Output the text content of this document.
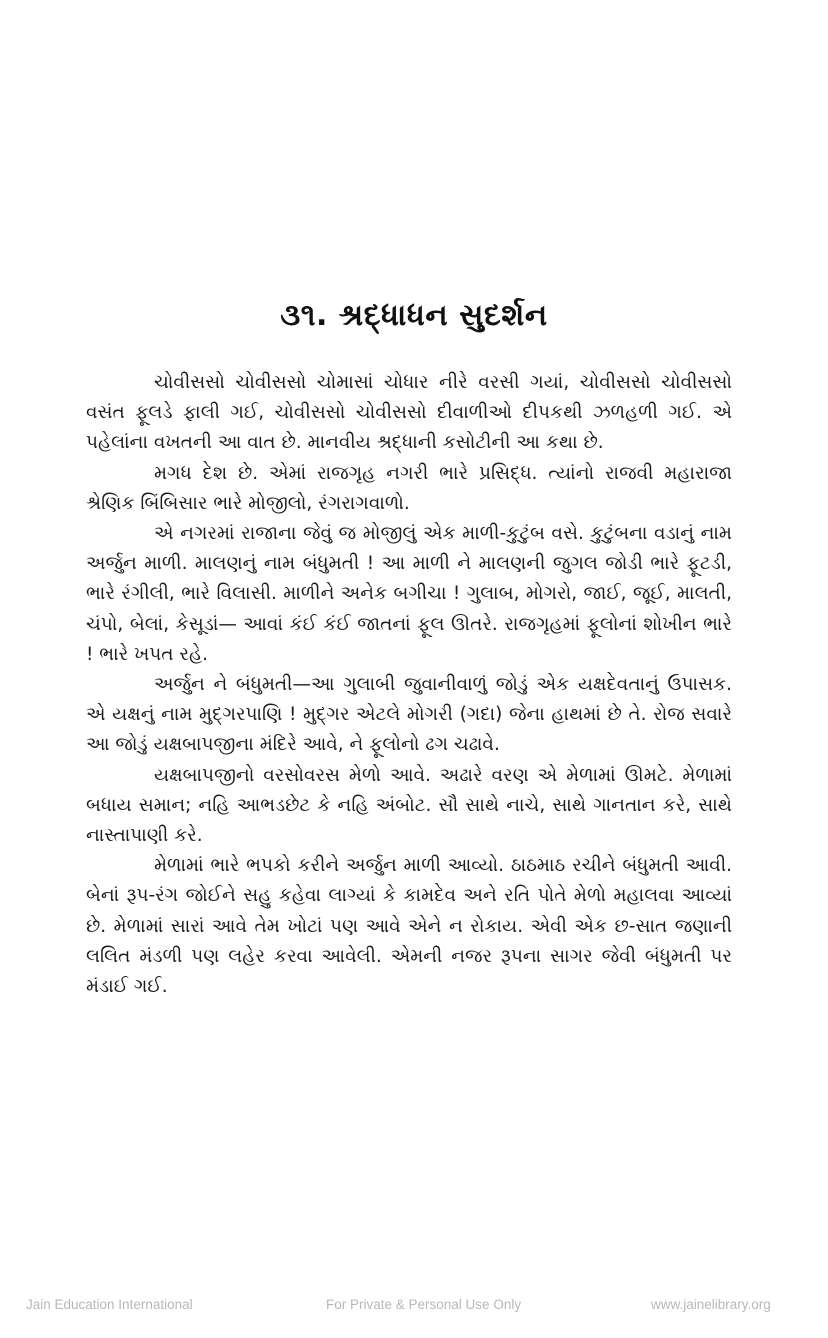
૩૧. શ્રદ્ધાધન સુદર્શન

ચોવીસસો ચોવીસસો ચોમાસાં ચોધાર નીરે વરસી ગયાં, ચોવીસસો ચોવીસસો વસંત ફૂલડે ફાલી ગઈ, ચોવીસસો ચોવીસસો દીવાળીઓ દીપકથી ઝળહળી ગઈ. એ પહેલાંના વખતની આ વાત છે. માનવીય શ્રદ્ધાની કસોટીની આ કથા છે.

મગધ દેશ છે. એમાં રાજગૃહ નગરી ભારે પ્રસિદ્ધ. ત્યાંનો રાજવી મહારાજા શ્રેણિક બિંબિસાર ભારે મોજીલો, રંગરાગવાળો.

એ નગરમાં રાજાના જેવું જ મોજીલું એક માળી-કુટુંબ વસે. કુટુંબના વડાનું નામ અર્જુન માળી. માલણનું નામ બંધુમતી ! આ માળી ને માલણની જુગલ જોડી ભારે ફૂટડી, ભારે રંગીલી, ભારે વિલાસી. માળીને અનેક બગીચા ! ગુલાબ, મોગરો, જાઈ, જૂઈ, માલતી, ચંપો, બેલાં, કેસૂડાં— આવાં કંઈ કંઈ જાતનાં ફૂલ ઊતરે. રાજગૃહમાં ફૂલોનાં શોખીન ભારે ! ભારે ખપત રહે.

અર્જુન ને બંધુમતી—આ ગુલાબી જુવાનીવાળું જોડું એક યક્ષદેવતાનું ઉપાસક. એ યક્ષનું નામ મુદ્ગરપાણિ ! મુદ્ગર એટલે મોગરી (ગદા) જેના હાથમાં છે તે. રોજ સવારે આ જોડું યક્ષબાપજીના મંદિરે આવે, ને ફૂલોનો ઢગ ચઢાવે.

યક્ષબાપજીનો વરસોવરસ મેળો આવે. અઢારે વરણ એ મેળામાં ઊમટે. મેળામાં બધાય સમાન; નહિ આભડછેટ કે નહિ અંબોટ. સૌ સાથે નાચે, સાથે ગાનતાન કરે, સાથે નાસ્તાપાણી કરે.

મેળામાં ભારે ભપકો કરીને અર્જુન માળી આવ્યો. ઠાઠમાઠ રચીને બંધુમતી આવી. બેનાં રૂપ-રંગ જોઈને સહુ કહેવા લાગ્યાં કે કામદેવ અને રતિ પોતે મેળો મહાલવા આવ્યાં છે. મેળામાં સારાં આવે તેમ ખોટાં પણ આવે એને ન રોકાય. એવી એક છ-સાત જણાની લલિત મંડળી પણ લહેર કરવા આવેલી. એમની નજર રૂપના સાગર જેવી બંધુમતી પર મંડાઈ ગઈ.

Jain Education International	For Private & Personal Use Only	www.jainelibrary.org
